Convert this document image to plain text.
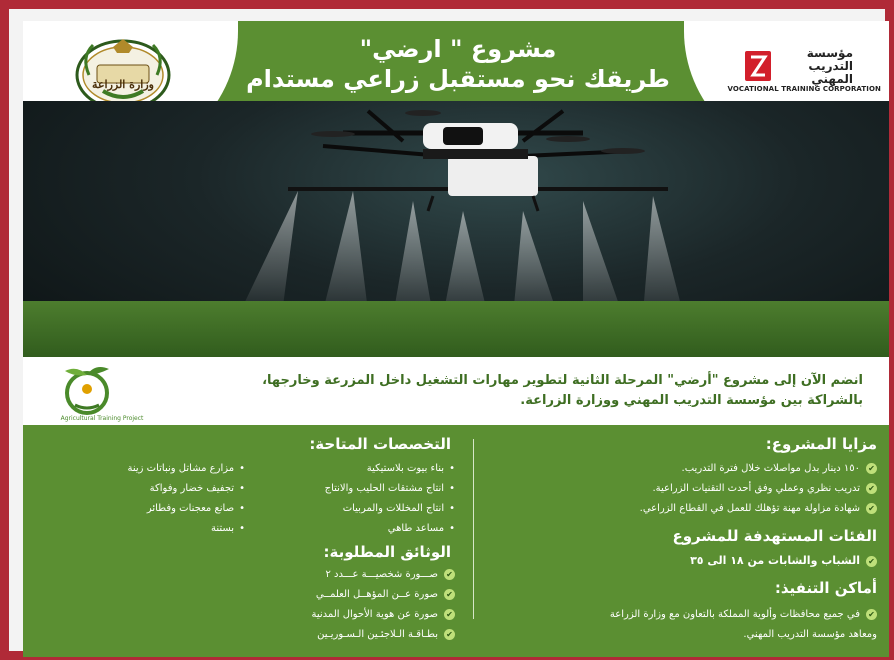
وزارة الزراعة
مؤسسة
التدريب
المهني
VOCATIONAL TRAINING CORPORATION
مشروع " ارضي"
طريقك نحو مستقبل زراعي مستدام
Agricultural Training Project
انضم الآن إلى مشروع "أرضي" المرحلة الثانية لتطوير مهارات التشغيل داخل المزرعة وخارجها،
بالشراكة بين مؤسسة التدريب المهني ووزارة الزراعة.
مزايا المشروع:
✔١٥٠ دينار بدل مواصلات خلال فترة التدريب.
✔تدريب نظري وعملي وفق أحدث التقنيات الزراعية.
✔شهادة مزاولة مهنة تؤهلك للعمل في القطاع الزراعي.
الفئات المستهدفة للمشروع
✔الشباب والشابات من ١٨ الى ٣٥
أماكن التنفيذ:
✔في جميع محافظات وألوية المملكة بالتعاون مع وزارة الزراعة
ومعاهد مؤسسة التدريب المهني.
التخصصات المتاحة:
•بناء بيوت بلاستيكية
•انتاج مشتقات الحليب والانتاج
•انتاج المخللات والمربيات
•مساعد طاهي
•مزارع مشاتل ونباتات زينة
•تجفيف خضار وفواكة
•صانع معجنات وفطائر
•بستنة
الوثائق المطلوبة:
✔صـــورة شخصيـــة عـــدد ٢
✔صورة عــن المؤهــل العلمــي
✔صورة عن هوية الأحوال المدنية
✔بطـاقـة الـلاجئـين الـسـوريـين
